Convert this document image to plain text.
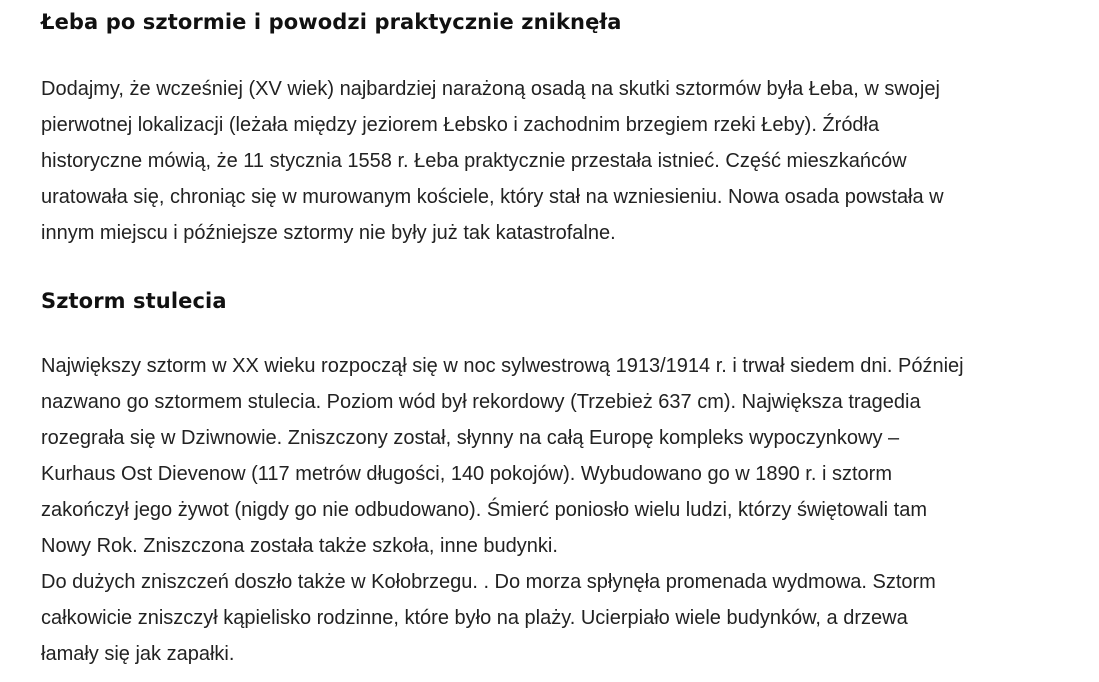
Łeba po sztormie i powodzi praktycznie zniknęła

Dodajmy, że wcześniej (XV wiek) najbardziej narażoną osadą na skutki sztormów była Łeba, w swojej
pierwotnej lokalizacji (leżała między jeziorem Łebsko i zachodnim brzegiem rzeki Łeby). Źródła
historyczne mówią, że 11 stycznia 1558 r. Łeba praktycznie przestała istnieć. Część mieszkańców
uratowała się, chroniąc się w murowanym kościele, który stał na wzniesieniu. Nowa osada powstała w
innym miejscu i późniejsze sztormy nie były już tak katastrofalne.

Sztorm stulecia

Największy sztorm w XX wieku rozpoczął się w noc sylwestrową 1913/1914 r. i trwał siedem dni. Później
nazwano go sztormem stulecia. Poziom wód był rekordowy (Trzebież 637 cm). Największa tragedia
rozegrała się w Dziwnowie. Zniszczony został, słynny na całą Europę kompleks wypoczynkowy –
Kurhaus Ost Dievenow (117 metrów długości, 140 pokojów). Wybudowano go w 1890 r. i sztorm
zakończył jego żywot (nigdy go nie odbudowano). Śmierć poniosło wielu ludzi, którzy świętowali tam
Nowy Rok. Zniszczona została także szkoła, inne budynki.
Do dużych zniszczeń doszło także w Kołobrzegu. . Do morza spłynęła promenada wydmowa. Sztorm
całkowicie zniszczył kąpielisko rodzinne, które było na plaży. Ucierpiało wiele budynków, a drzewa
łamały się jak zapałki.
